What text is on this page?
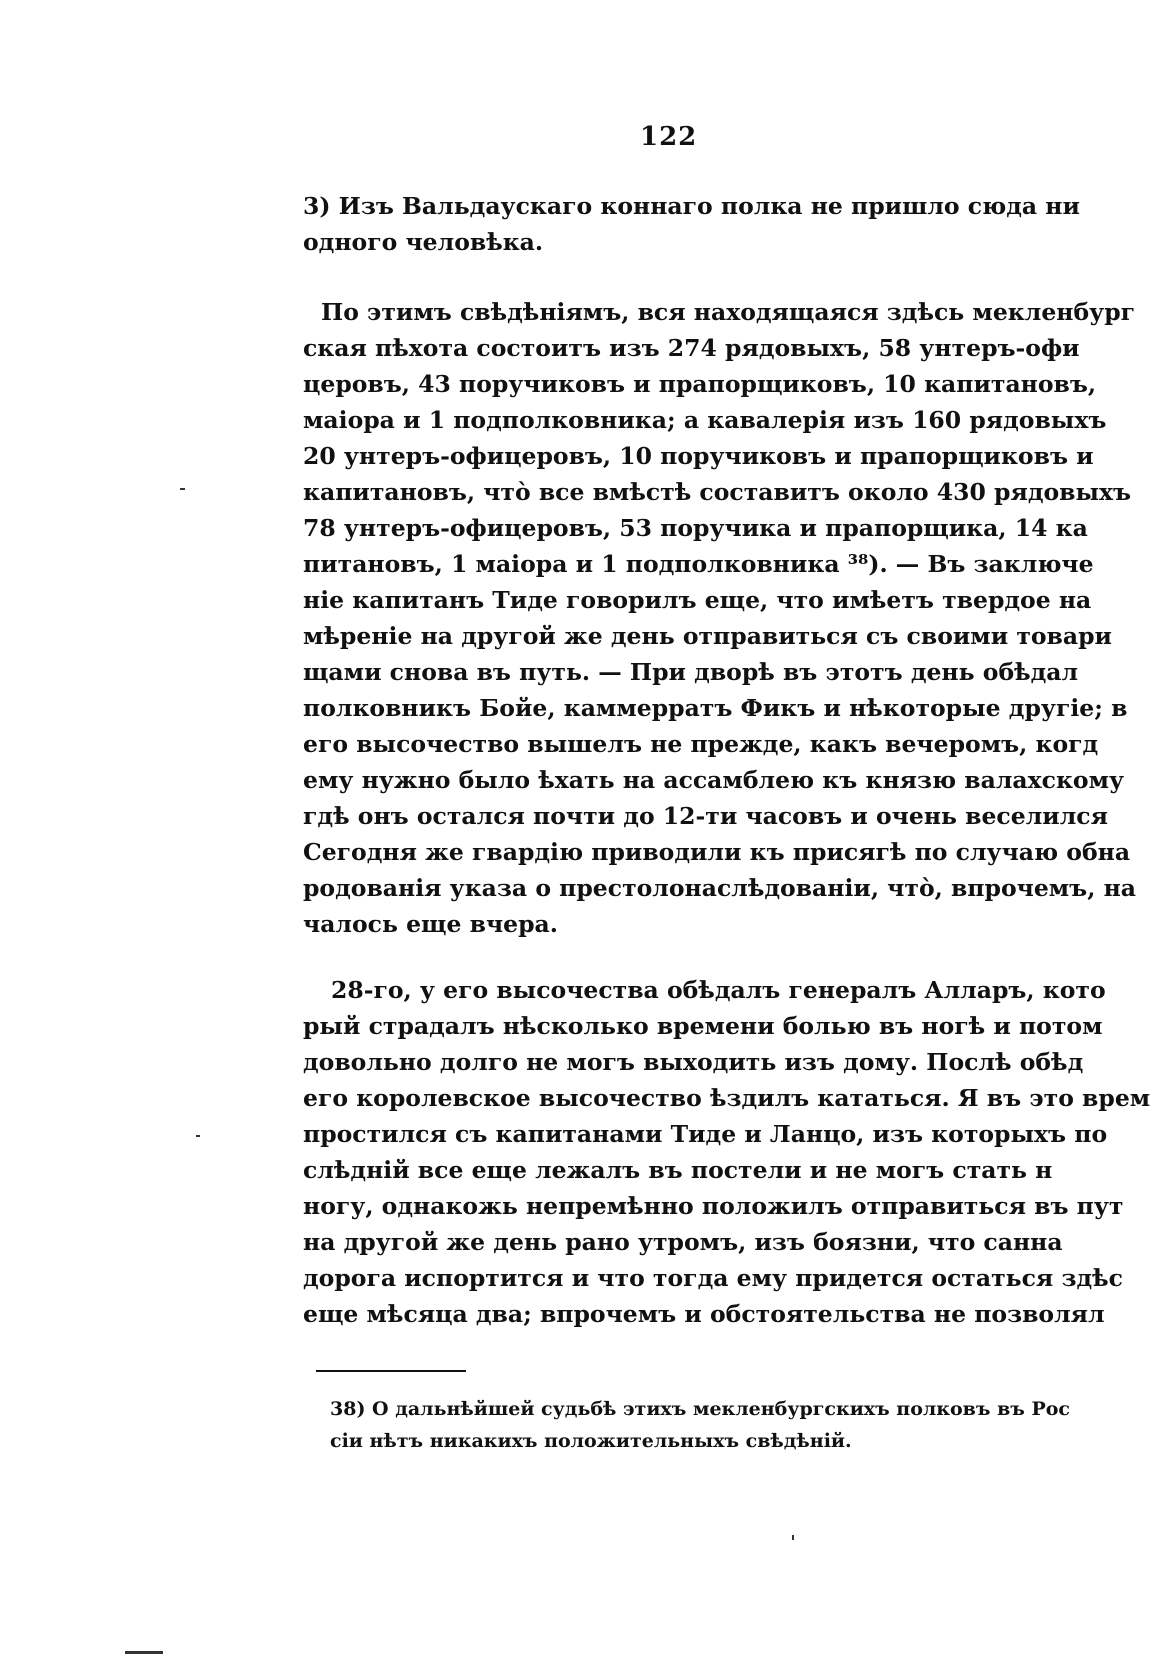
122
3) Изъ Вальдаускаго коннаго полка не пришло сюда ни
одного человѣка.
По этимъ свѣдѣніямъ, вся находящаяся здѣсь мекленбург
ская пѣхота состоитъ изъ 274 рядовыхъ, 58 унтеръ-офи
церовъ, 43 поручиковъ и прапорщиковъ, 10 капитановъ,
маіора и 1 подполковника; а кавалерія изъ 160 рядовыхъ
20 унтеръ-офицеровъ, 10 поручиковъ и прапорщиковъ и
капитановъ, что̀ все вмѣстѣ составитъ около 430 рядовыхъ
78 унтеръ-офицеровъ, 53 поручика и прапорщика, 14 ка
питановъ, 1 маіора и 1 подполковника ³⁸). — Въ заключе
ніе капитанъ Тиде говорилъ еще, что имѣетъ твердое на
мѣреніе на другой же день отправиться съ своими товари
щами снова въ путь. — При дворѣ въ этотъ день обѣдал
полковникъ Бойе, каммерратъ Фикъ и нѣкоторые другіе; в
его высочество вышелъ не прежде, какъ вечеромъ, когд
ему нужно было ѣхать на ассамблею къ князю валахскому
гдѣ онъ остался почти до 12-ти часовъ и очень веселился
Сегодня же гвардію приводили къ присягѣ по случаю обна
родованія указа о престолонаслѣдованіи, что̀, впрочемъ, на
чалось еще вчера.
28-го, у его высочества обѣдалъ генералъ Алларъ, кото
рый страдалъ нѣсколько времени болью въ ногѣ и потом
довольно долго не могъ выходить изъ дому. Послѣ обѣд
его королевское высочество ѣздилъ кататься. Я въ это врем
простился съ капитанами Тиде и Ланцо, изъ которыхъ по
слѣдній все еще лежалъ въ постели и не могъ стать н
ногу, однакожь непремѣнно положилъ отправиться въ пут
на другой же день рано утромъ, изъ боязни, что санна
дорога испортится и что тогда ему придется остаться здѣс
еще мѣсяца два; впрочемъ и обстоятельства не позволял
38) О дальнѣйшей судьбѣ этихъ мекленбургскихъ полковъ въ Рос
сіи нѣтъ никакихъ положительныхъ свѣдѣній.
